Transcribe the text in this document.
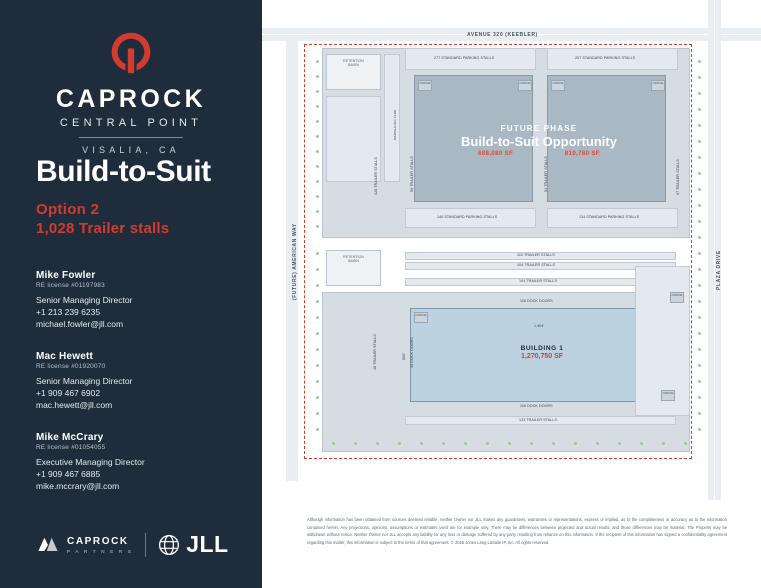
CAPROCK
CENTRAL POINT
VISALIA, CA
Build-to-Suit
Option 2
1,028 Trailer stalls
Mike Fowler
RE license #01197983
Senior Managing Director
+1 213 239 6235
michael.fowler@jll.com
Mac Hewett
RE license #01920070
Senior Managing Director
+1 909 467 6902
mac.hewett@jll.com
Mike McCrary
RE license #01054055
Executive Managing Director
+1 909 467 6885
mike.mccrary@jll.com
CAPROCK
P A R T N E R S JLL
AVENUE 320 (KEEBLER)
(FUTURE) AMERICAN WAY	PLAZA DRIVE
RETENTION
BASIN
MARSHALING YARD
277 STANDARD PARKING STALLS	257 STANDARD PARKING STALLS
FUTURE PHASE
Build-to-Suit Opportunity
688,080 SF	810,780 SF
428 TRAILER STALLS	59 TRAILER STALLS	51 TRAILER STALLS	67 TRAILER STALLS
OFFICE	OFFICE	OFFICE	OFFICE
140 STANDARD PARKING STALLS	134 STANDARD PARKING STALLS
110 TRAILER STALLS
104 TRAILER STALLS
104 TRAILER STALLS
RETENTION
BASIN
116 DOCK DOORS
116 DOCK DOORS
BUILDING 1
1,270,750 SF
1,904'
600'
48 TRAILER STALLS	46 DOCK DOORS
OFFICE
OFFICE
OFFICE
133 TRAILER STALLS
Although information has been obtained from sources deemed reliable, neither Owner nor JLL makes any guarantees, warranties or representations, express or implied, as to the completeness or accuracy as to the information contained herein. Any projections, opinions, assumptions or estimates used are for example only. There may be differences between projected and actual results, and those differences may be material. The Property may be withdrawn without notice. Neither Owner nor JLL accepts any liability for any loss or damage suffered by any party resulting from reliance on this information. If the recipient of this information has signed a confidentiality agreement regarding this matter, this information is subject to the terms of that agreement. © 2025 Jones Lang LaSalle IP, Inc. All rights reserved.
